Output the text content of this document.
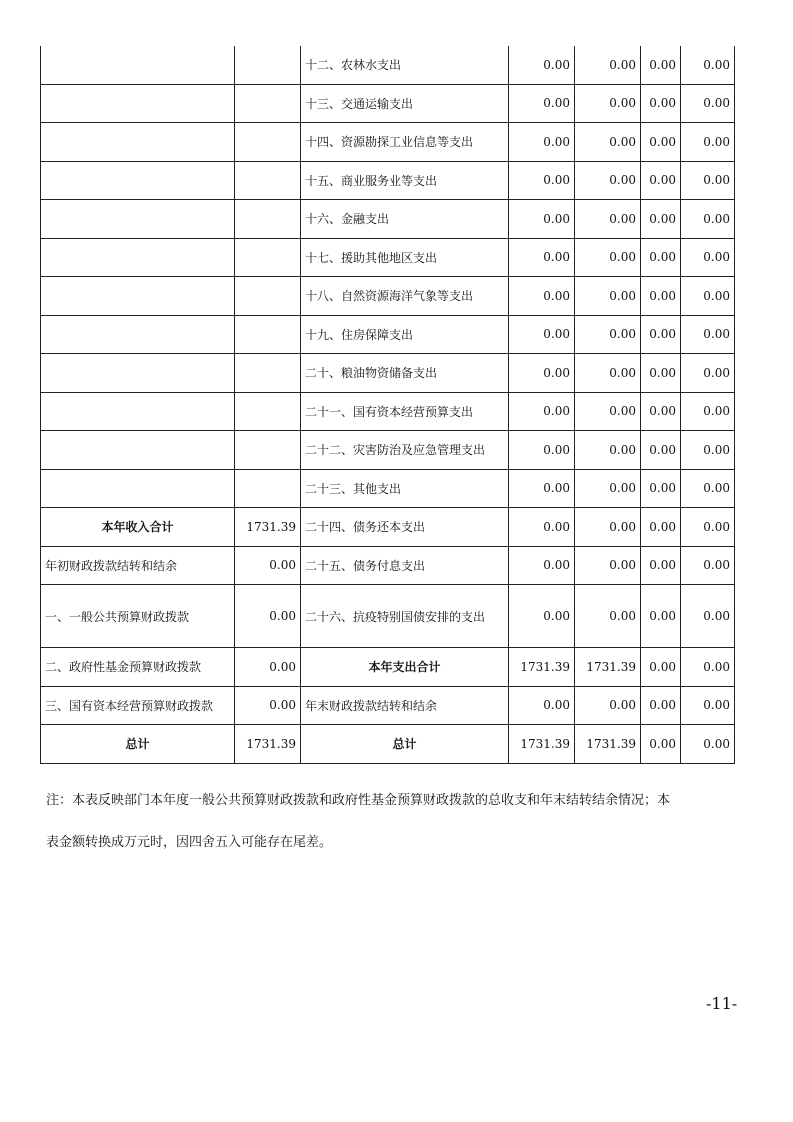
		十二、农林水支出	0.00	0.00	0.00	0.00
		十三、交通运输支出	0.00	0.00	0.00	0.00
		十四、资源勘探工业信息等支出	0.00	0.00	0.00	0.00
		十五、商业服务业等支出	0.00	0.00	0.00	0.00
		十六、金融支出	0.00	0.00	0.00	0.00
		十七、援助其他地区支出	0.00	0.00	0.00	0.00
		十八、自然资源海洋气象等支出	0.00	0.00	0.00	0.00
		十九、住房保障支出	0.00	0.00	0.00	0.00
		二十、粮油物资储备支出	0.00	0.00	0.00	0.00
		二十一、国有资本经营预算支出	0.00	0.00	0.00	0.00
		二十二、灾害防治及应急管理支出	0.00	0.00	0.00	0.00
		二十三、其他支出	0.00	0.00	0.00	0.00
本年收入合计	1731.39	二十四、债务还本支出	0.00	0.00	0.00	0.00
年初财政拨款结转和结余	0.00	二十五、债务付息支出	0.00	0.00	0.00	0.00
一、一般公共预算财政拨款	0.00	二十六、抗疫特别国债安排的支出	0.00	0.00	0.00	0.00
二、政府性基金预算财政拨款	0.00	本年支出合计	1731.39	1731.39	0.00	0.00
三、国有资本经营预算财政拨款	0.00	年末财政拨款结转和结余	0.00	0.00	0.00	0.00
总计	1731.39	总计	1731.39	1731.39	0.00	0.00

注：本表反映部门本年度一般公共预算财政拨款和政府性基金预算财政拨款的总收支和年末结转结余情况；本

表金额转换成万元时，因四舍五入可能存在尾差。

-11-
